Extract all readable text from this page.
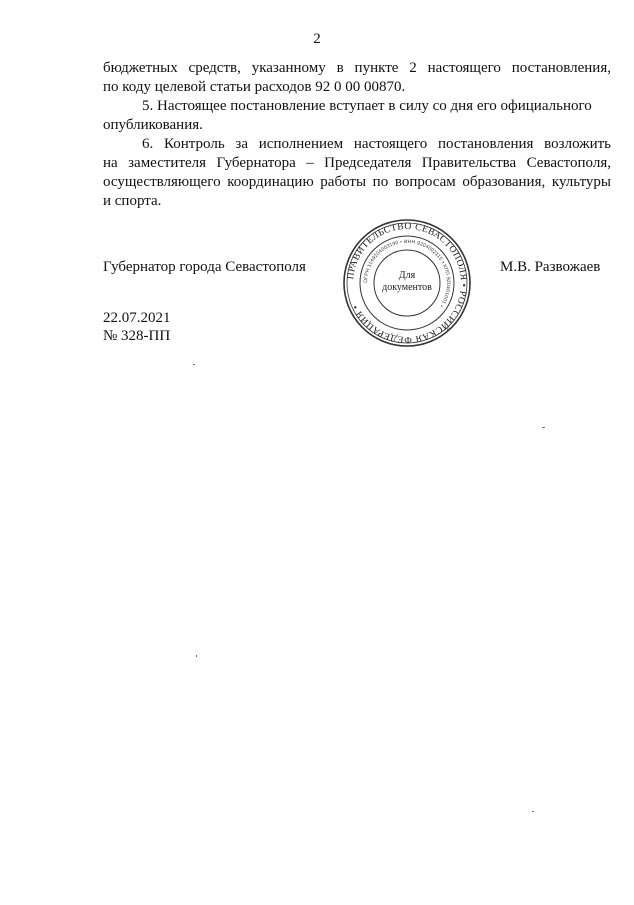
2
бюджетных средств, указанному в пункте 2 настоящего постановления,
по коду целевой статьи расходов 92 0 00 00870.
5. Настоящее постановление вступает в силу со дня его официального
опубликования.
6. Контроль за исполнением настоящего постановления возложить
на заместителя Губернатора – Председателя Правительства Севастополя,
осуществляющего координацию работы по вопросам образования, культуры
и спорта.
Губернатор города Севастополя	М.В. Развожаев
ПРАВИТЕЛЬСТВО СЕВАСТОПОЛЯ • РОССИЙСКАЯ ФЕДЕРАЦИЯ •
ОГРН 1149204003190 • ИНН 9204002115 • КПП 920401001 •
Для
документов
22.07.2021
№ 328-ПП
